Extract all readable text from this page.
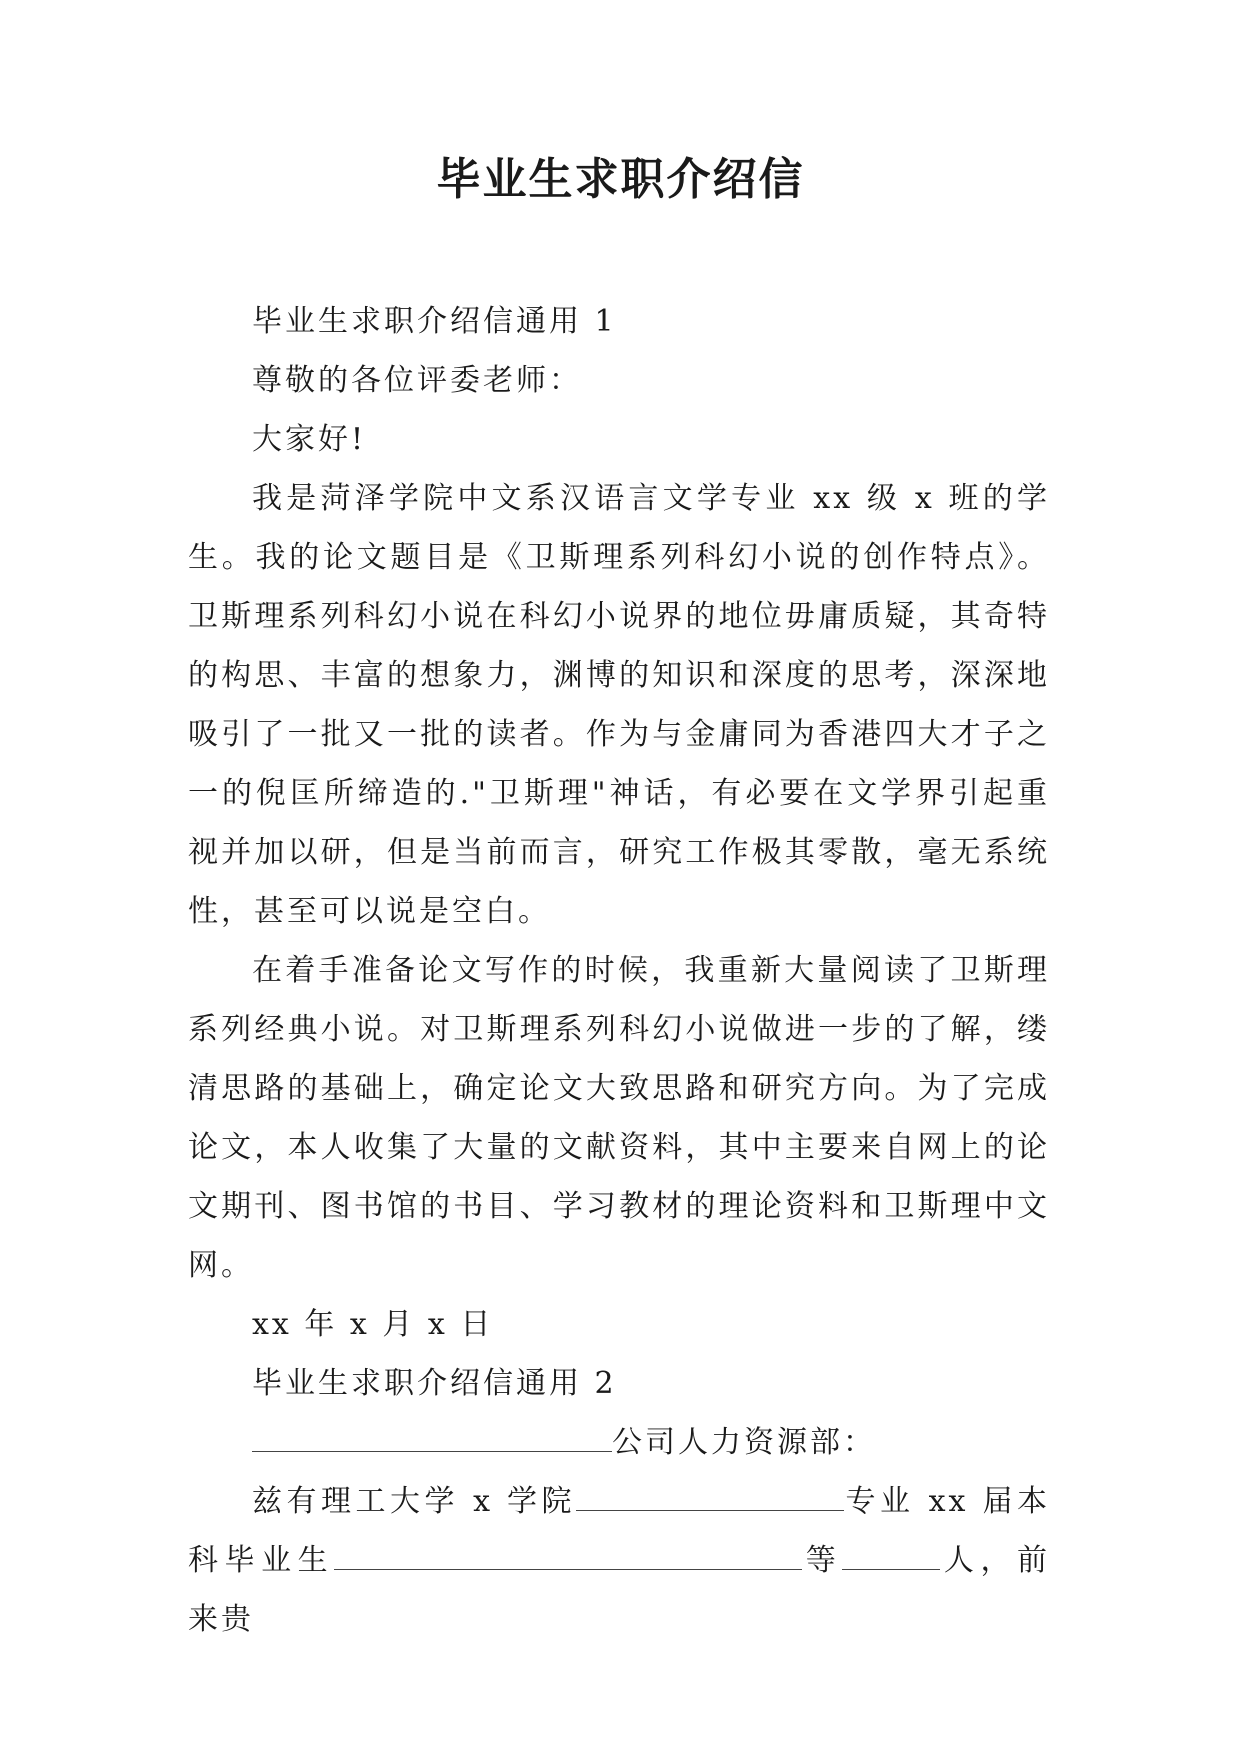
毕业生求职介绍信

毕业生求职介绍信通用 1

尊敬的各位评委老师：

大家好!

我是菏泽学院中文系汉语言文学专业 xx 级 x 班的学生。我的论文题目是《卫斯理系列科幻小说的创作特点》。卫斯理系列科幻小说在科幻小说界的地位毋庸质疑，其奇特的构思、丰富的想象力，渊博的知识和深度的思考，深深地吸引了一批又一批的读者。作为与金庸同为香港四大才子之一的倪匡所缔造的."卫斯理"神话，有必要在文学界引起重视并加以研，但是当前而言，研究工作极其零散，毫无系统性，甚至可以说是空白。

在着手准备论文写作的时候，我重新大量阅读了卫斯理系列经典小说。对卫斯理系列科幻小说做进一步的了解，缕清思路的基础上，确定论文大致思路和研究方向。为了完成论文，本人收集了大量的文献资料，其中主要来自网上的论文期刊、图书馆的书目、学习教材的理论资料和卫斯理中文网。

xx 年 x 月 x 日

毕业生求职介绍信通用 2

公司人力资源部：

兹有理工大学 x 学院	专业 xx 届本科毕业生	等	人，前来贵
